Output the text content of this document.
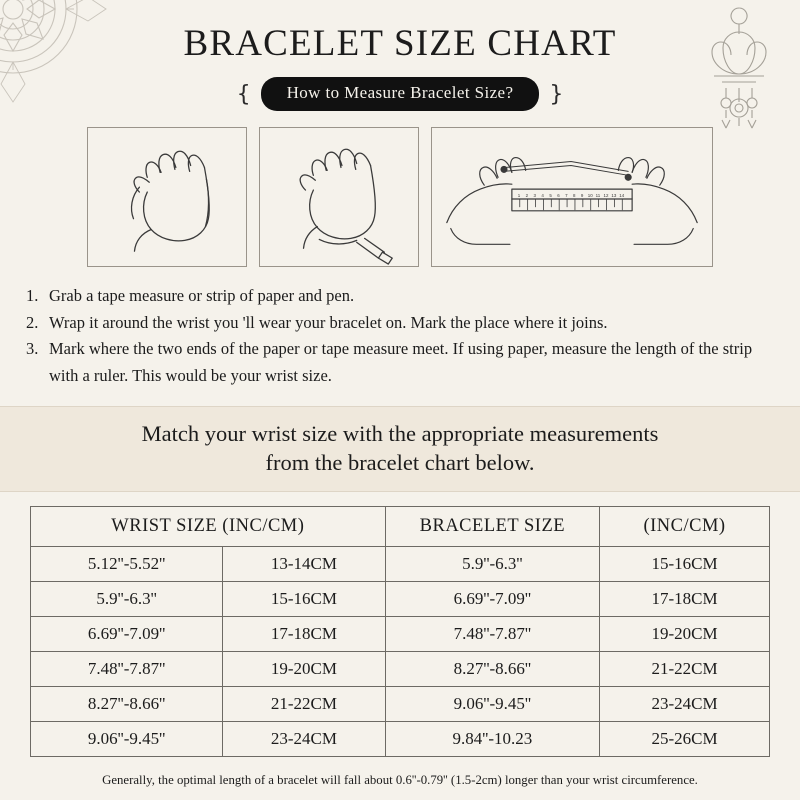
BRACELET SIZE CHART
{	How to Measure Bracelet Size?	}
1 2 3 4 5 6 7 8 9 10 11 12 13 14
1. Grab a tape measure or strip of paper and pen.
2. Wrap it around the wrist you 'll wear your bracelet on. Mark the place where it joins.
3. Mark where the two ends of the paper or tape measure meet. If using paper, measure the length of the strip with a ruler. This would be your wrist size.
Match your wrist size with the appropriate measurements
from the bracelet chart below.
WRIST SIZE (INC/CM)		BRACELET SIZE	(INC/CM)
5.12''-5.52''	13-14CM	5.9''-6.3''	15-16CM
5.9''-6.3''	15-16CM	6.69''-7.09''	17-18CM
6.69''-7.09''	17-18CM	7.48''-7.87''	19-20CM
7.48''-7.87''	19-20CM	8.27''-8.66''	21-22CM
8.27''-8.66''	21-22CM	9.06''-9.45''	23-24CM
9.06''-9.45''	23-24CM	9.84''-10.23	25-26CM
Generally, the optimal length of a bracelet will fall about 0.6''-0.79'' (1.5-2cm) longer than your wrist circumference.
